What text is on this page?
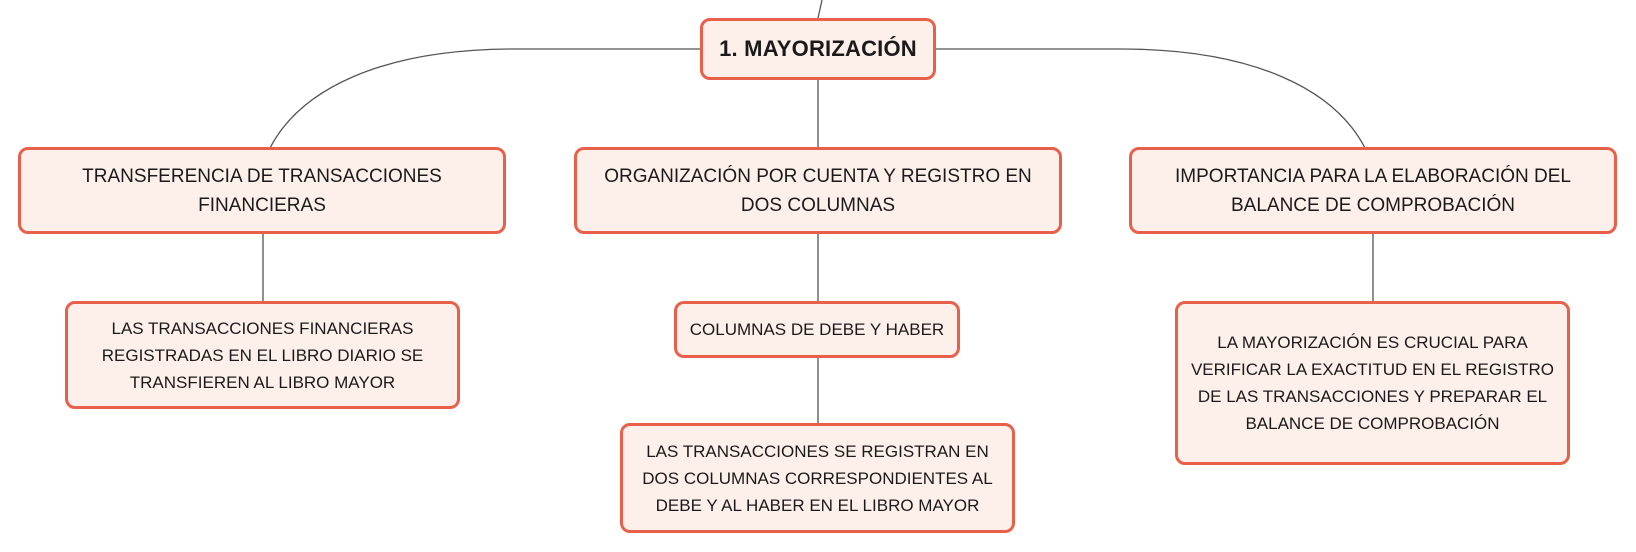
1. MAYORIZACIÓN
TRANSFERENCIA DE TRANSACCIONES FINANCIERAS
ORGANIZACIÓN POR CUENTA Y REGISTRO EN DOS COLUMNAS
IMPORTANCIA PARA LA ELABORACIÓN DEL BALANCE DE COMPROBACIÓN
LAS TRANSACCIONES FINANCIERAS REGISTRADAS EN EL LIBRO DIARIO SE TRANSFIEREN AL LIBRO MAYOR
COLUMNAS DE DEBE Y HABER
LAS TRANSACCIONES SE REGISTRAN EN DOS COLUMNAS CORRESPONDIENTES AL DEBE Y AL HABER EN EL LIBRO MAYOR
LA MAYORIZACIÓN ES CRUCIAL PARA VERIFICAR LA EXACTITUD EN EL REGISTRO DE LAS TRANSACCIONES Y PREPARAR EL BALANCE DE COMPROBACIÓN
